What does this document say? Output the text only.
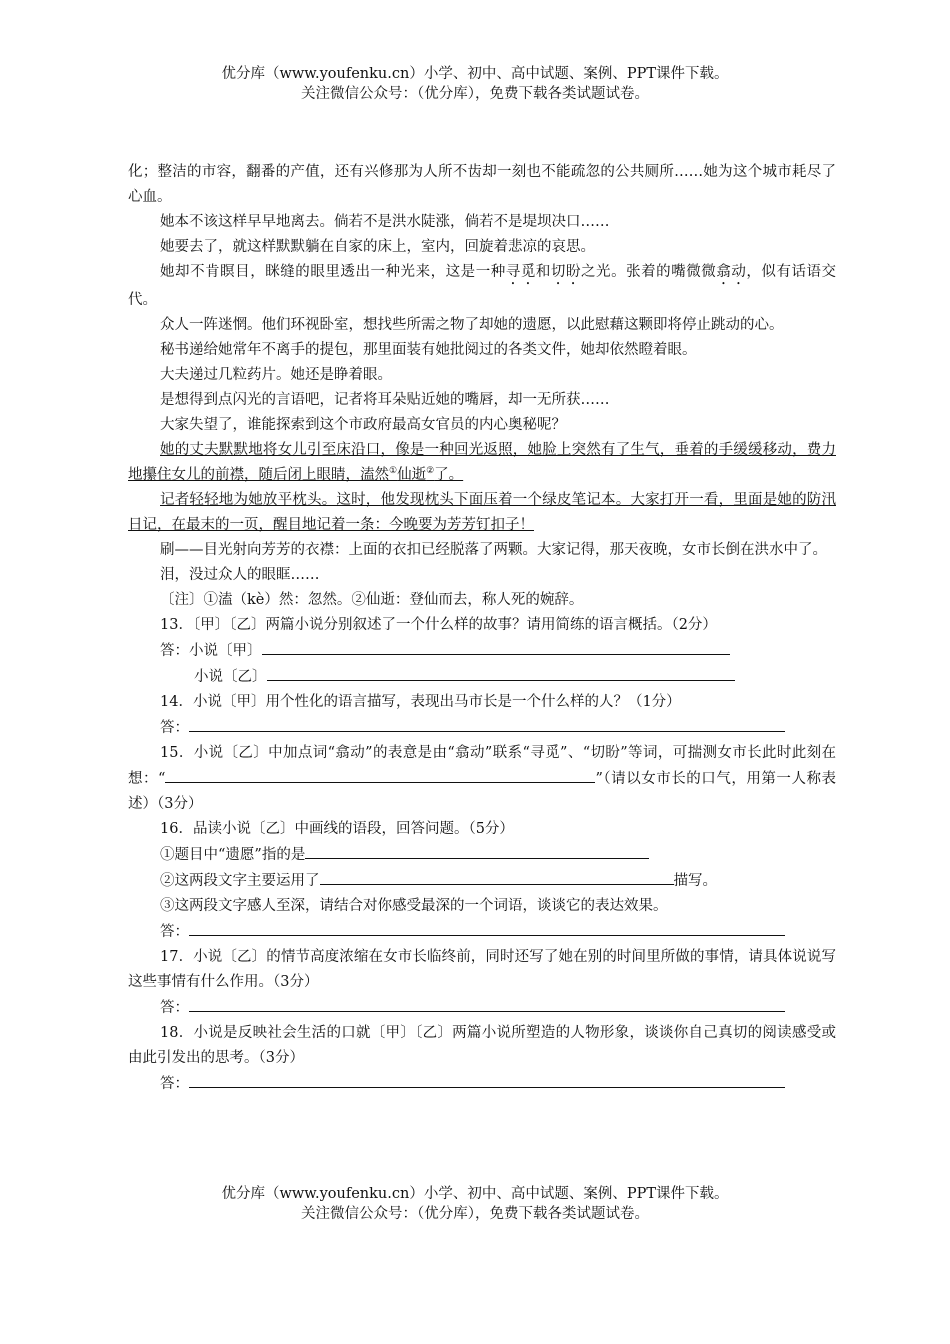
优分库（www.youfenku.cn）小学、初中、高中试题、案例、PPT课件下载。
关注微信公众号：（优分库），免费下载各类试题试卷。

化；整洁的市容，翻番的产值，还有兴修那为人所不齿却一刻也不能疏忽的公共厕所……她为这个城市耗尽了心血。

她本不该这样早早地离去。倘若不是洪水陡涨，倘若不是堤坝决口……

她要去了，就这样默默躺在自家的床上，室内，回旋着悲凉的哀思。

她却不肯瞑目，眯缝的眼里透出一种光来，这是一种寻觅和切盼之光。张着的嘴微微翕动，似有话语交代。

众人一阵迷惘。他们环视卧室，想找些所需之物了却她的遗愿，以此慰藉这颗即将停止跳动的心。

秘书递给她常年不离手的提包，那里面装有她批阅过的各类文件，她却依然瞪着眼。

大夫递过几粒药片。她还是睁着眼。

是想得到点闪光的言语吧，记者将耳朵贴近她的嘴唇，却一无所获……

大家失望了，谁能探索到这个市政府最高女官员的内心奥秘呢？

她的丈夫默默地将女儿引至床沿口，像是一种回光返照，她脸上突然有了生气，垂着的手缓缓移动，费力地攥住女儿的前襟，随后闭上眼睛，溘然①仙逝②了。

记者轻轻地为她放平枕头。这时，他发现枕头下面压着一个绿皮笔记本。大家打开一看，里面是她的防汛日记，在最末的一页，醒目地记着一条：今晚要为芳芳钉扣子！

刷——目光射向芳芳的衣襟：上面的衣扣已经脱落了两颗。大家记得，那天夜晚，女市长倒在洪水中了。

泪，没过众人的眼眶……

〔注〕①溘（kè）然：忽然。②仙逝：登仙而去，称人死的婉辞。

13．〔甲〕〔乙〕两篇小说分别叙述了一个什么样的故事？请用简练的语言概括。（2分）

答：小说〔甲〕

小说〔乙〕

14．小说〔甲〕用个性化的语言描写，表现出马市长是一个什么样的人？（1分）

答：

15．小说〔乙〕中加点词“翕动”的表意是由“翕动”联系“寻觅”、“切盼”等词，可揣测女市长此时此刻在想：“	”（请以女市长的口气，用第一人称表述）（3分）

16．品读小说〔乙〕中画线的语段，回答问题。（5分）

①题目中“遗愿”指的是

②这两段文字主要运用了	描写。

③这两段文字感人至深，请结合对你感受最深的一个词语，谈谈它的表达效果。

答：

17．小说〔乙〕的情节高度浓缩在女市长临终前，同时还写了她在别的时间里所做的事情，请具体说说写这些事情有什么作用。（3分）

答：

18．小说是反映社会生活的口就〔甲〕〔乙〕两篇小说所塑造的人物形象，谈谈你自己真切的阅读感受或由此引发出的思考。（3分）

答：

优分库（www.youfenku.cn）小学、初中、高中试题、案例、PPT课件下载。
关注微信公众号：（优分库），免费下载各类试题试卷。
